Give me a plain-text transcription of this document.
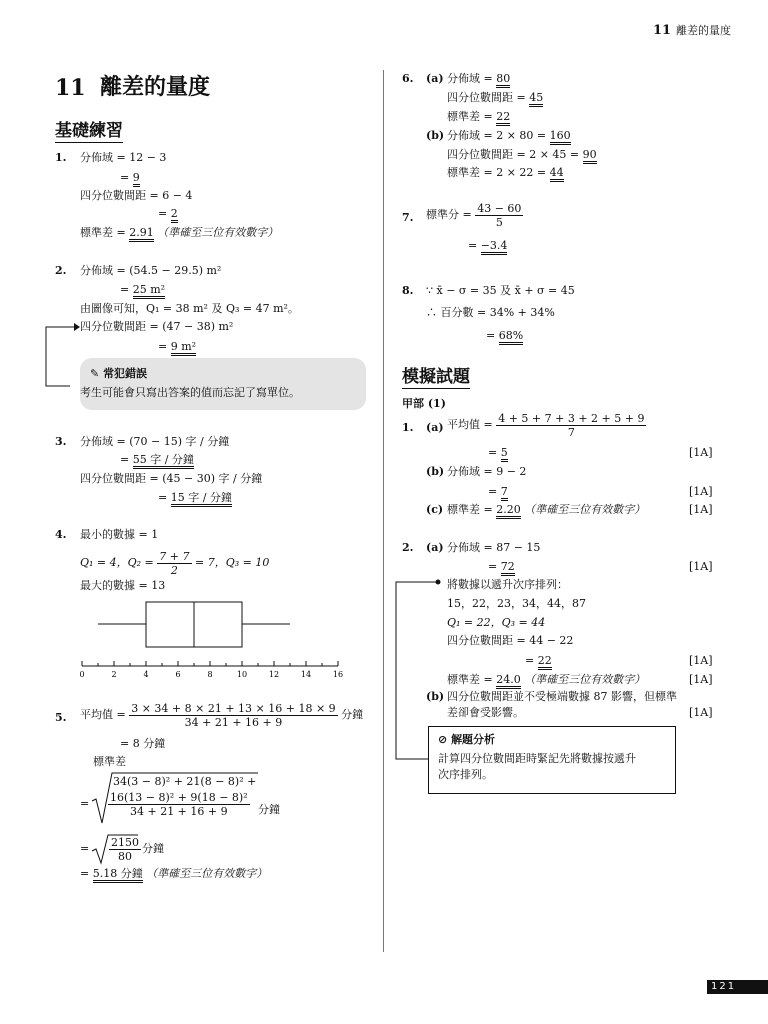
11 離差的量度
11 離差的量度
基礎練習
1. 分佈域 = 12 − 3
= 9
四分位數間距 = 6 − 4
= 2
標準差 = 2.91 （準確至三位有效數字）
2. 分佈域 = (54.5 − 29.5) m²
= 25 m²
由圖像可知，Q₁ = 38 m² 及 Q₃ = 47 m²。
四分位數間距 = (47 − 38) m²
= 9 m²
✎ 常犯錯誤
考生可能會只寫出答案的值而忘記了寫單位。
3. 分佈域 = (70 − 15) 字 / 分鐘
= 55 字 / 分鐘
四分位數間距 = (45 − 30) 字 / 分鐘
= 15 字 / 分鐘
4. 最小的數據 = 1
Q₁ = 4，$Q_2 = \frac{7 + 7}{2} = 7$，Q₃ = 10
最大的數據 = 13
0	2	4	6	8	10	12	14	16
5. 平均值 = $\frac{3 \times 34 + 8 \times 21 + 13 \times 16 + 18 \times 9}{34 + 21 + 16 + 9}$ 分鐘
= 8 分鐘
標準差
=
34(3 − 8)² + 21(8 − 8)² +
$\frac{\text{16(13 − 8)² + 9(18 − 8)²}}{34 + 21 + 16 + 9}$ 分鐘
= $\frac{2150}{80}$ 分鐘
= 5.18 分鐘 （準確至三位有效數字）
6. (a) 分佈域 = 80
四分位數間距 = 45
標準差 = 22
(b) 分佈域 = 2 × 80 = 160
四分位數間距 = 2 × 45 = 90
標準差 = 2 × 22 = 44
7. 標準分 = $\frac{43 - 60}{5}$
= −3.4
8. ∵ x̄ − σ = 35 及 x̄ + σ = 45
∴ 百分數 = 34% + 34%
= 68%
模擬試題
甲部 (1)
1. (a) 平均值 = $\frac{4 + 5 + 7 + 3 + 2 + 5 + 9}{7}$
= 5	[1A]
(b) 分佈域 = 9 − 2
= 7	[1A]
(c) 標準差 = 2.20 （準確至三位有效數字）	[1A]
2. (a) 分佈域 = 87 − 15
= 72	[1A]
將數據以遞升次序排列：
15，22，23，34，44，87
Q₁ = 22，Q₃ = 44
四分位數間距 = 44 − 22
= 22	[1A]
標準差 = 24.0 （準確至三位有效數字）	[1A]
(b) 四分位數間距並不受極端數據 87 影響，但標準
差卻會受影響。	[1A]
⊘ 解題分析
計算四分位數間距時緊記先將數據按遞升
次序排列。
121
